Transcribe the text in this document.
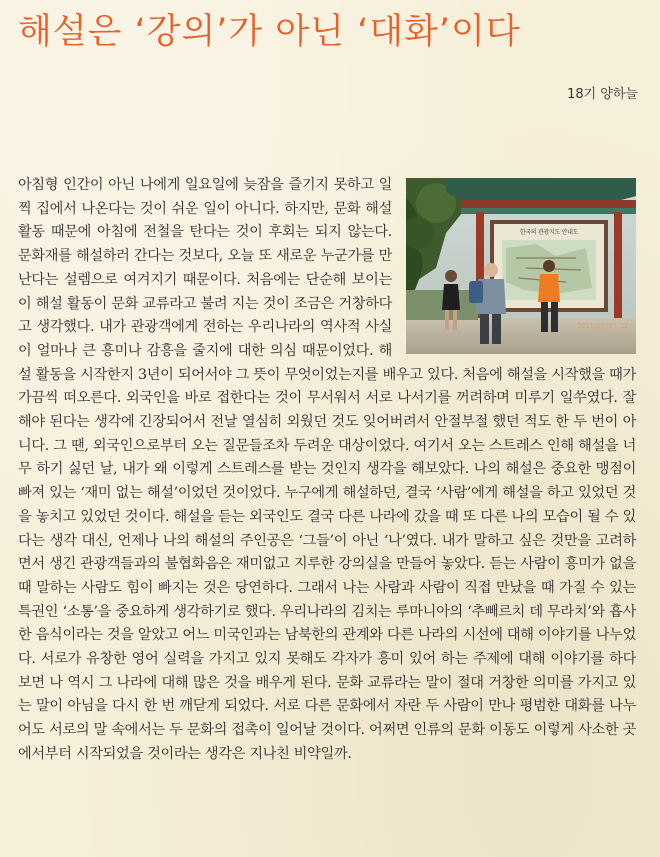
해설은 ‘강의’가 아닌 ‘대화’이다
18기 양하늘
한국의 관광지도 안내도
2013/07/07 12:
아침형 인간이 아닌 나에게 일요일에 늦잠을 즐기지 못하고 일찍 집에서 나온다는 것이 쉬운 일이 아니다. 하지만, 문화 해설 활동 때문에 아침에 전철을 탄다는 것이 후회는 되지 않는다. 문화재를 해설하러 간다는 것보다, 오늘 또 새로운 누군가를 만난다는 설렘으로 여겨지기 때문이다. 처음에는 단순해 보이는 이 해설 활동이 문화 교류라고 불려 지는 것이 조금은 거창하다고 생각했다. 내가 관광객에게 전하는 우리나라의 역사적 사실이 얼마나 큰 흥미나 감흥을 줄지에 대한 의심 때문이었다. 해설 활동을 시작한지 3년이 되어서야 그 뜻이 무엇이었는지를 배우고 있다. 처음에 해설을 시작했을 때가 가끔씩 떠오른다. 외국인을 바로 접한다는 것이 무서워서 서로 나서기를 꺼려하며 미루기 일쑤였다. 잘해야 된다는 생각에 긴장되어서 전날 열심히 외웠던 것도 잊어버려서 안절부절 했던 적도 한 두 번이 아니다. 그 땐, 외국인으로부터 오는 질문들조차 두려운 대상이었다. 여기서 오는 스트레스 인해 해설을 너무 하기 싫던 날, 내가 왜 이렇게 스트레스를 받는 것인지 생각을 해보았다. 나의 해설은 중요한 맹점이 빠져 있는 ‘재미 없는 해설’이었던 것이었다. 누구에게 해설하던, 결국 ‘사람’에게 해설을 하고 있었던 것을 놓치고 있었던 것이다. 해설을 듣는 외국인도 결국 다른 나라에 갔을 때 또 다른 나의 모습이 될 수 있다는 생각 대신, 언제나 나의 해설의 주인공은 ‘그들’이 아닌 ‘나’였다. 내가 말하고 싶은 것만을 고려하면서 생긴 관광객들과의 불협화음은 재미없고 지루한 강의실을 만들어 놓았다. 듣는 사람이 흥미가 없을 때 말하는 사람도 힘이 빠지는 것은 당연하다. 그래서 나는 사람과 사람이 직접 만났을 때 가질 수 있는 특권인 ‘소통’을 중요하게 생각하기로 했다. 우리나라의 김치는 루마니아의 ‘추빼르치 데 무라치’와 흡사한 음식이라는 것을 알았고 어느 미국인과는 남북한의 관계와 다른 나라의 시선에 대해 이야기를 나누었다. 서로가 유창한 영어 실력을 가지고 있지 못해도 각자가 흥미 있어 하는 주제에 대해 이야기를 하다 보면 나 역시 그 나라에 대해 많은 것을 배우게 된다. 문화 교류라는 말이 절대 거창한 의미를 가지고 있는 말이 아님을 다시 한 번 깨닫게 되었다. 서로 다른 문화에서 자란 두 사람이 만나 평범한 대화를 나누어도 서로의 말 속에서는 두 문화의 접촉이 일어날 것이다. 어쩌면 인류의 문화 이동도 이렇게 사소한 곳에서부터 시작되었을 것이라는 생각은 지나친 비약일까.
